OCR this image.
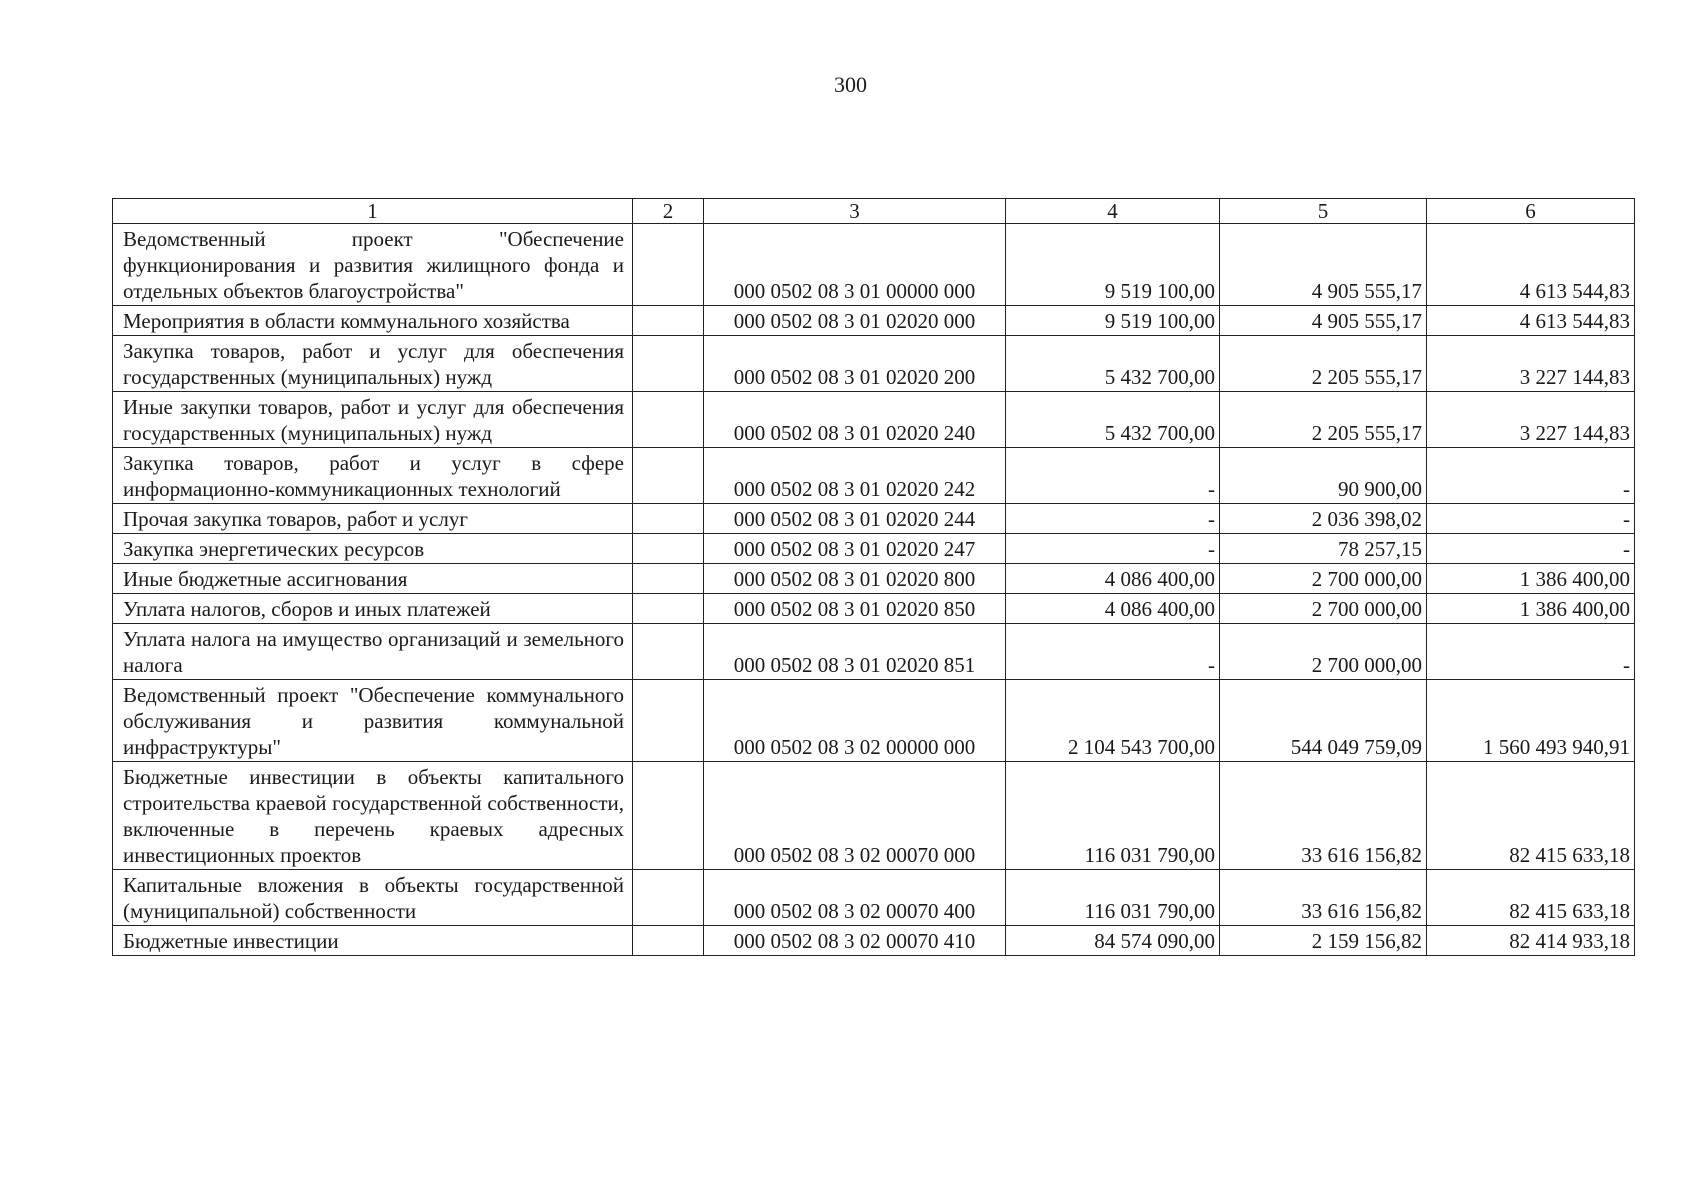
300
1	2	3	4	5	6
Ведомственный проект "Обеспечение функционирования и развития жилищного фонда и отдельных объектов благоустройства"		000 0502 08 3 01 00000 000	9 519 100,00	4 905 555,17	4 613 544,83
Мероприятия в области коммунального хозяйства		000 0502 08 3 01 02020 000	9 519 100,00	4 905 555,17	4 613 544,83
Закупка товаров, работ и услуг для обеспечения государственных (муниципальных) нужд		000 0502 08 3 01 02020 200	5 432 700,00	2 205 555,17	3 227 144,83
Иные закупки товаров, работ и услуг для обеспечения государственных (муниципальных) нужд		000 0502 08 3 01 02020 240	5 432 700,00	2 205 555,17	3 227 144,83
Закупка товаров, работ и услуг в сфере информационно-коммуникационных технологий		000 0502 08 3 01 02020 242	-	90 900,00	-
Прочая закупка товаров, работ и услуг		000 0502 08 3 01 02020 244	-	2 036 398,02	-
Закупка энергетических ресурсов		000 0502 08 3 01 02020 247	-	78 257,15	-
Иные бюджетные ассигнования		000 0502 08 3 01 02020 800	4 086 400,00	2 700 000,00	1 386 400,00
Уплата налогов, сборов и иных платежей		000 0502 08 3 01 02020 850	4 086 400,00	2 700 000,00	1 386 400,00
Уплата налога на имущество организаций и земельного налога		000 0502 08 3 01 02020 851	-	2 700 000,00	-
Ведомственный проект "Обеспечение коммунального обслуживания и развития коммунальной инфраструктуры"		000 0502 08 3 02 00000 000	2 104 543 700,00	544 049 759,09	1 560 493 940,91
Бюджетные инвестиции в объекты капитального строительства краевой государственной собственности, включенные в перечень краевых адресных инвестиционных проектов		000 0502 08 3 02 00070 000	116 031 790,00	33 616 156,82	82 415 633,18
Капитальные вложения в объекты государственной (муниципальной) собственности		000 0502 08 3 02 00070 400	116 031 790,00	33 616 156,82	82 415 633,18
Бюджетные инвестиции		000 0502 08 3 02 00070 410	84 574 090,00	2 159 156,82	82 414 933,18
